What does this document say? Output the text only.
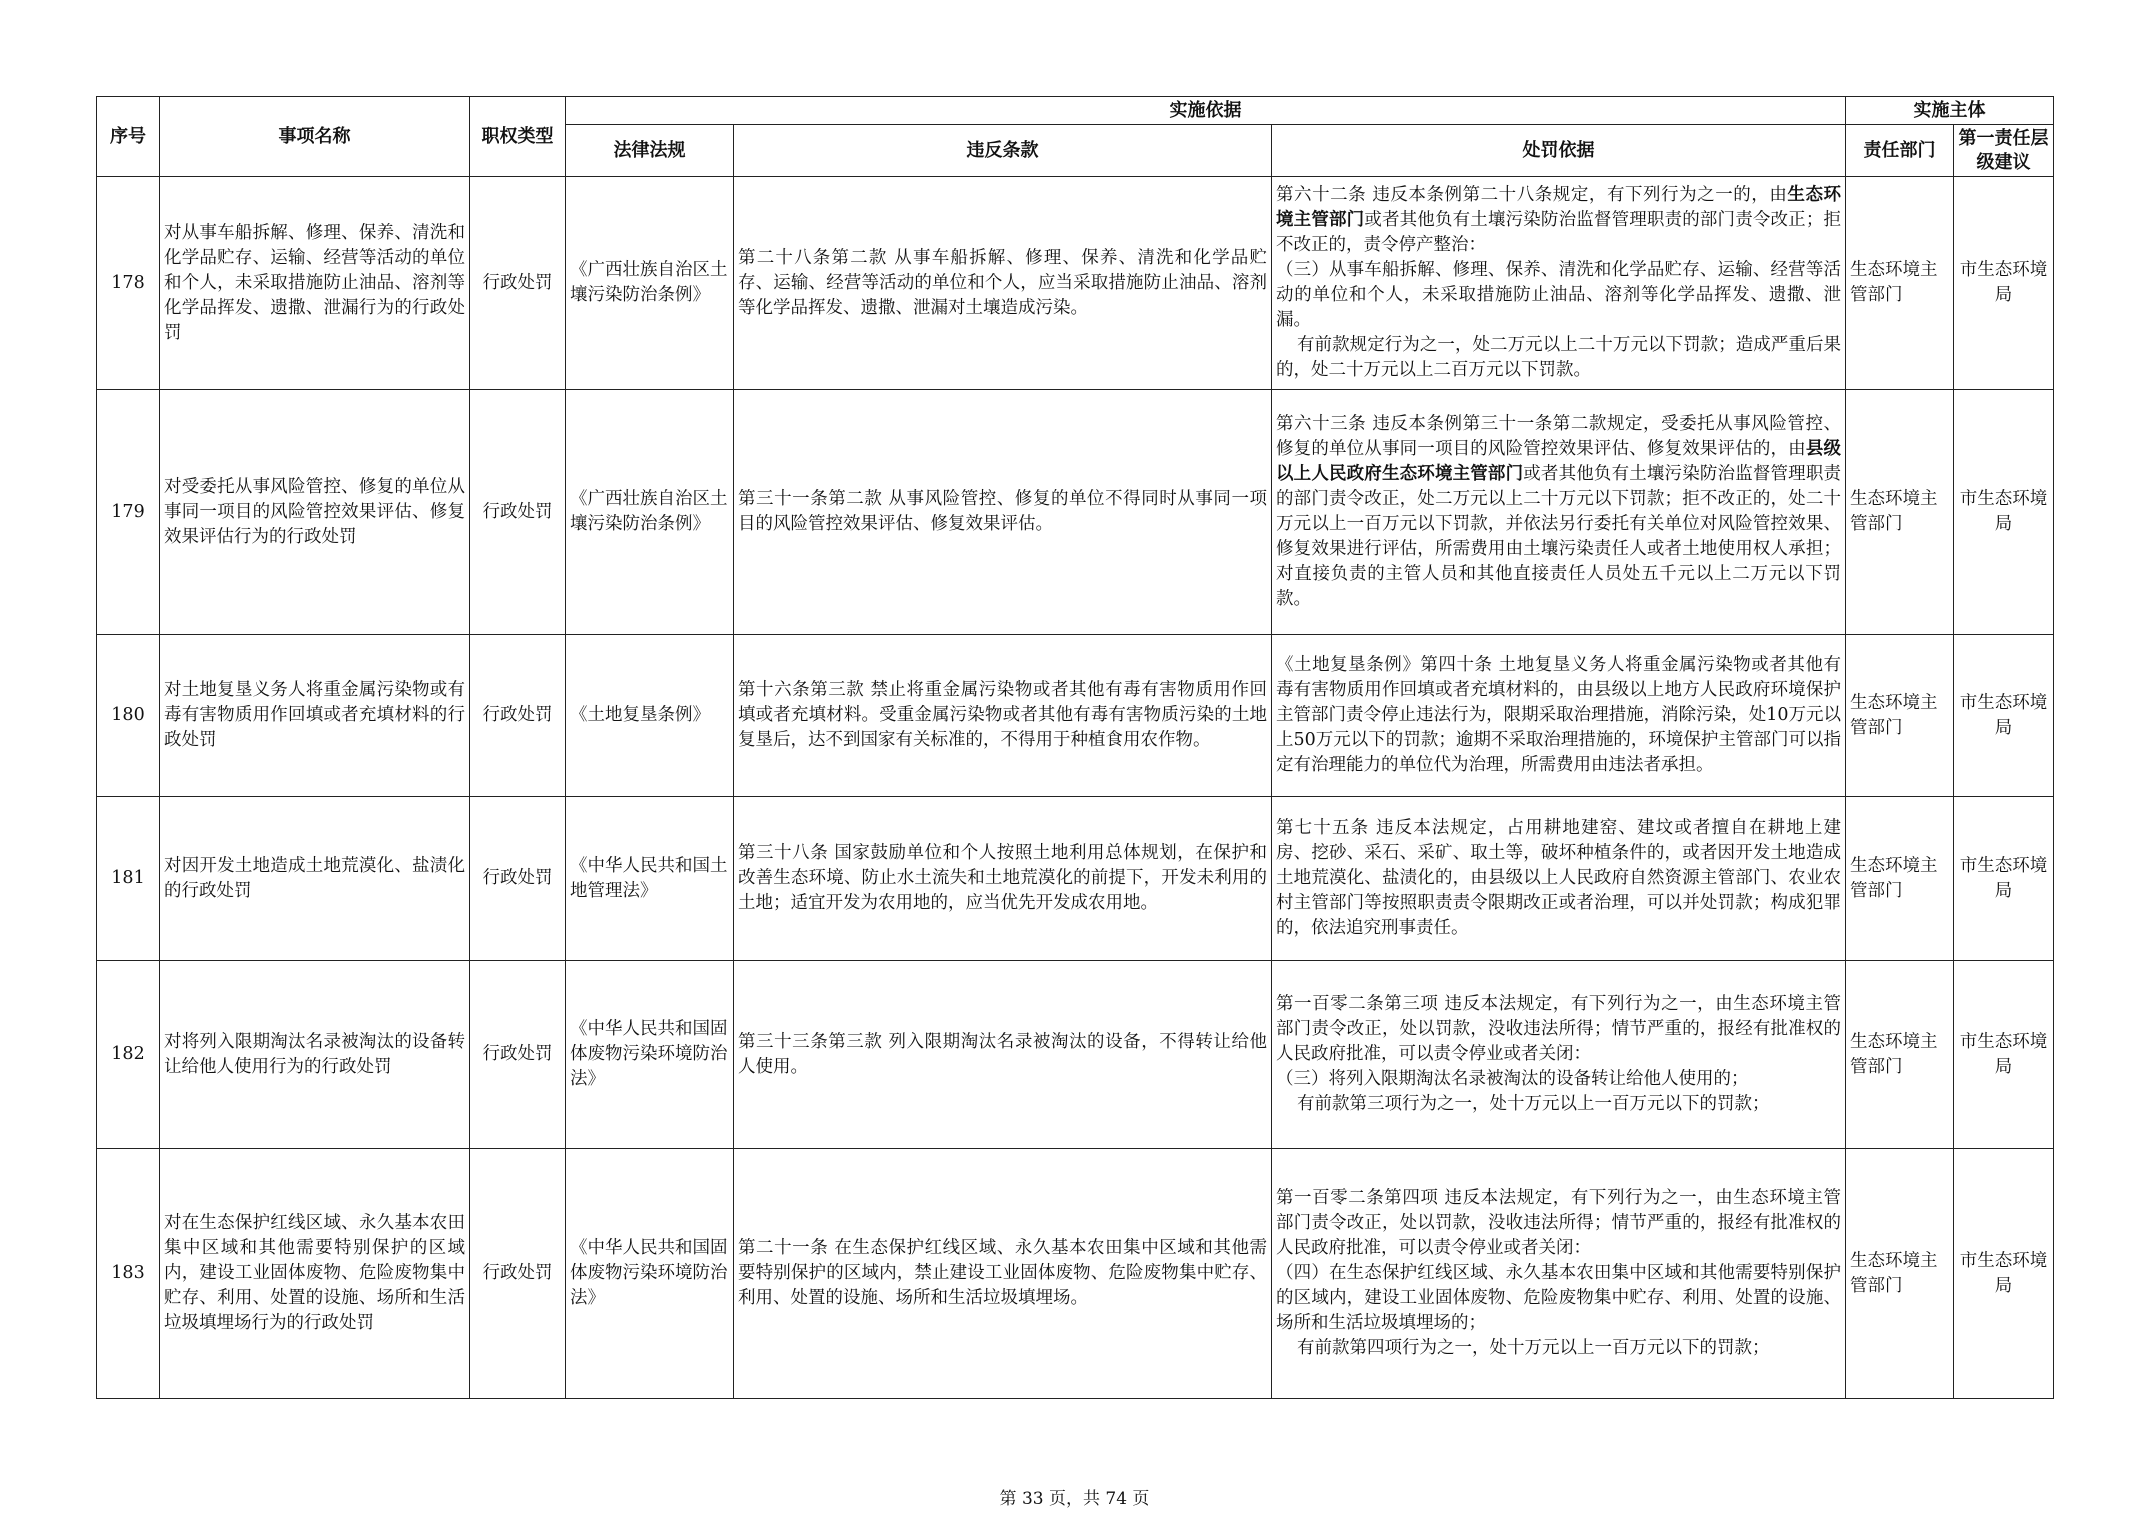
序号	事项名称	职权类型	实施依据			实施主体	
			法律法规	违反条款	处罚依据	责任部门	第一责任层级建议
178	对从事车船拆解、修理、保养、清洗和化学品贮存、运输、经营等活动的单位和个人，未采取措施防止油品、溶剂等化学品挥发、遗撒、泄漏行为的行政处罚	行政处罚	《广西壮族自治区土壤污染防治条例》	第二十八条第二款 从事车船拆解、修理、保养、清洗和化学品贮存、运输、经营等活动的单位和个人，应当采取措施防止油品、溶剂等化学品挥发、遗撒、泄漏对土壤造成污染。	第六十二条 违反本条例第二十八条规定，有下列行为之一的，由生态环境主管部门或者其他负有土壤污染防治监督管理职责的部门责令改正；拒不改正的，责令停产整治：

（三）从事车船拆解、修理、保养、清洗和化学品贮存、运输、经营等活动的单位和个人，未采取措施防止油品、溶剂等化学品挥发、遗撒、泄漏。

有前款规定行为之一，处二万元以上二十万元以下罚款；造成严重后果的，处二十万元以上二百万元以下罚款。	生态环境主管部门	市生态环境局
179	对受委托从事风险管控、修复的单位从事同一项目的风险管控效果评估、修复效果评估行为的行政处罚	行政处罚	《广西壮族自治区土壤污染防治条例》	第三十一条第二款 从事风险管控、修复的单位不得同时从事同一项目的风险管控效果评估、修复效果评估。	第六十三条 违反本条例第三十一条第二款规定，受委托从事风险管控、修复的单位从事同一项目的风险管控效果评估、修复效果评估的，由县级以上人民政府生态环境主管部门或者其他负有土壤污染防治监督管理职责的部门责令改正，处二万元以上二十万元以下罚款；拒不改正的，处二十万元以上一百万元以下罚款，并依法另行委托有关单位对风险管控效果、修复效果进行评估，所需费用由土壤污染责任人或者土地使用权人承担；对直接负责的主管人员和其他直接责任人员处五千元以上二万元以下罚款。	生态环境主管部门	市生态环境局
180	对土地复垦义务人将重金属污染物或有毒有害物质用作回填或者充填材料的行政处罚	行政处罚	《土地复垦条例》	第十六条第三款 禁止将重金属污染物或者其他有毒有害物质用作回填或者充填材料。受重金属污染物或者其他有毒有害物质污染的土地复垦后，达不到国家有关标准的，不得用于种植食用农作物。	《土地复垦条例》第四十条 土地复垦义务人将重金属污染物或者其他有毒有害物质用作回填或者充填材料的，由县级以上地方人民政府环境保护主管部门责令停止违法行为，限期采取治理措施，消除污染，处10万元以上50万元以下的罚款；逾期不采取治理措施的，环境保护主管部门可以指定有治理能力的单位代为治理，所需费用由违法者承担。	生态环境主管部门	市生态环境局
181	对因开发土地造成土地荒漠化、盐渍化的行政处罚	行政处罚	《中华人民共和国土地管理法》	第三十八条 国家鼓励单位和个人按照土地利用总体规划，在保护和改善生态环境、防止水土流失和土地荒漠化的前提下，开发未利用的土地；适宜开发为农用地的，应当优先开发成农用地。	第七十五条 违反本法规定，占用耕地建窑、建坟或者擅自在耕地上建房、挖砂、采石、采矿、取土等，破坏种植条件的，或者因开发土地造成土地荒漠化、盐渍化的，由县级以上人民政府自然资源主管部门、农业农村主管部门等按照职责责令限期改正或者治理，可以并处罚款；构成犯罪的，依法追究刑事责任。	生态环境主管部门	市生态环境局
182	对将列入限期淘汰名录被淘汰的设备转让给他人使用行为的行政处罚	行政处罚	《中华人民共和国固体废物污染环境防治法》	第三十三条第三款 列入限期淘汰名录被淘汰的设备，不得转让给他人使用。	第一百零二条第三项 违反本法规定，有下列行为之一，由生态环境主管部门责令改正，处以罚款，没收违法所得；情节严重的，报经有批准权的人民政府批准，可以责令停业或者关闭：

（三）将列入限期淘汰名录被淘汰的设备转让给他人使用的；

有前款第三项行为之一，处十万元以上一百万元以下的罚款；	生态环境主管部门	市生态环境局
183	对在生态保护红线区域、永久基本农田集中区域和其他需要特别保护的区域内，建设工业固体废物、危险废物集中贮存、利用、处置的设施、场所和生活垃圾填埋场行为的行政处罚	行政处罚	《中华人民共和国固体废物污染环境防治法》	第二十一条 在生态保护红线区域、永久基本农田集中区域和其他需要特别保护的区域内，禁止建设工业固体废物、危险废物集中贮存、利用、处置的设施、场所和生活垃圾填埋场。	第一百零二条第四项 违反本法规定，有下列行为之一，由生态环境主管部门责令改正，处以罚款，没收违法所得；情节严重的，报经有批准权的人民政府批准，可以责令停业或者关闭：

（四）在生态保护红线区域、永久基本农田集中区域和其他需要特别保护的区域内，建设工业固体废物、危险废物集中贮存、利用、处置的设施、场所和生活垃圾填埋场的；

有前款第四项行为之一，处十万元以上一百万元以下的罚款；	生态环境主管部门	市生态环境局
第 33 页，共 74 页
